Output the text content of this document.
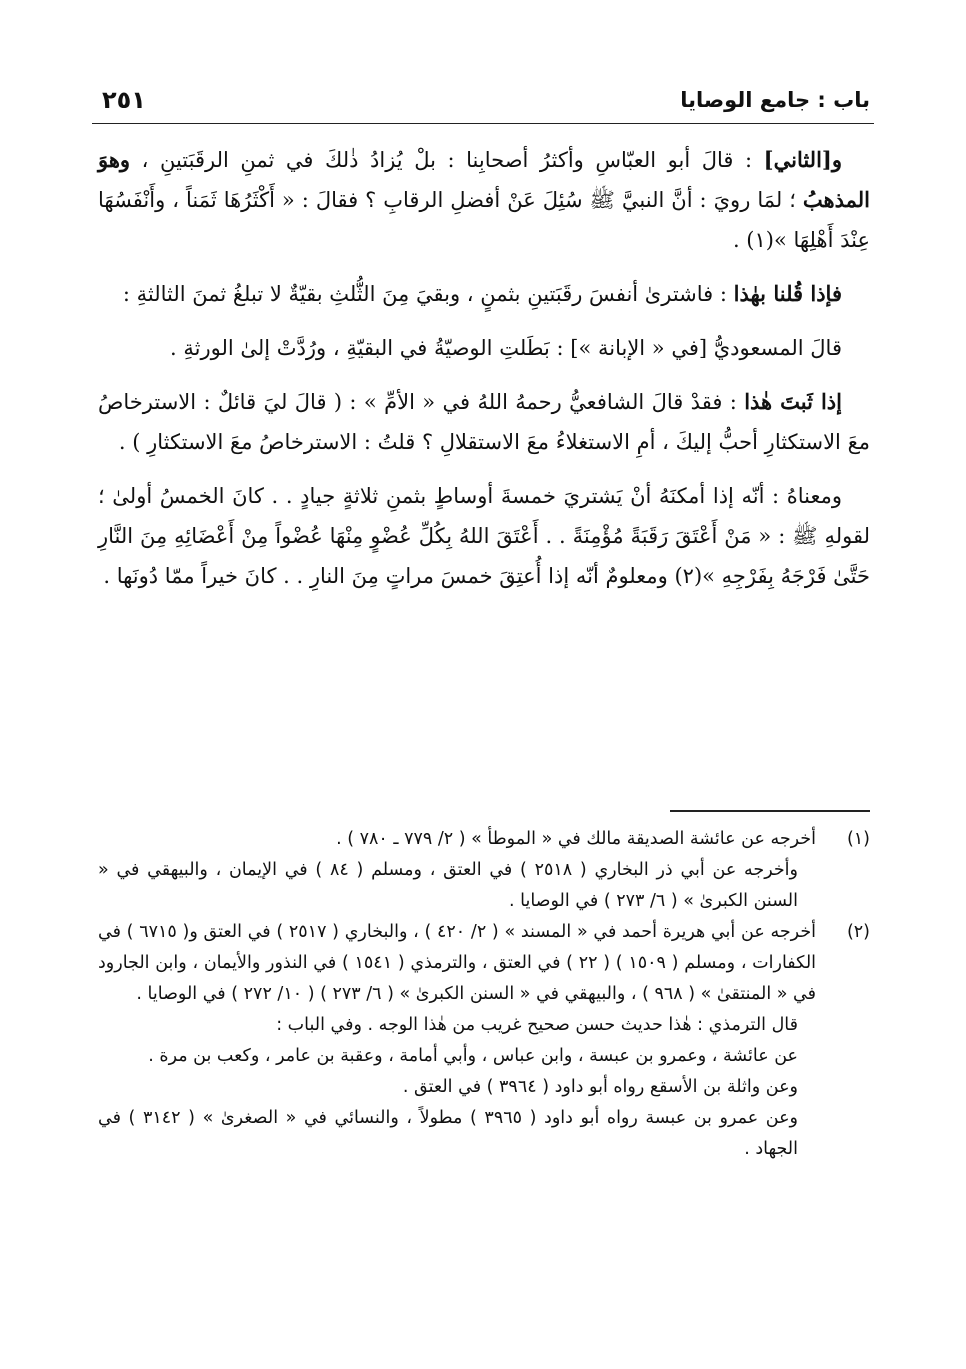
باب : جامع الوصايا
٢٥١

و[الثاني] : قالَ أبو العبّاسِ وأكثرُ أصحابِنا : بلْ يُزادُ ذٰلكَ في ثمنِ الرقَبَتينِ ، وهوَ المذهبُ ؛ لمَا رويَ : أنَّ النبيَّ ﷺ سُئِلَ عَنْ أفضلِ الرقابِ ؟ فقالَ : « أَكْثَرُهَا ثَمَناً ، وأَنْفَسُهَا عِنْدَ أَهْلِهَا »(١) .

فإذا قُلنا بهٰذا : فاشترىٰ أنفسَ رقَبَتينِ بثمنٍ ، وبقيَ مِنَ الثُّلثِ بقيّةٌ لا تبلغُ ثمنَ الثالثةِ :

قالَ المسعوديُّ [في « الإبانة »] : بَطَلتِ الوصيّةُ في البقيّةِ ، ورُدَّتْ إلىٰ الورثةِ .

إذا ثَبتَ هٰذا : فقدْ قالَ الشافعيُّ رحمهُ اللهُ في « الأمِّ » : ( قالَ ليَ قائلٌ : الاسترخاصُ معَ الاستكثارِ أحبُّ إليكَ ، أمِ الاستغلاءُ معَ الاستقلالِ ؟ قلتُ : الاسترخاصُ معَ الاستكثارِ ) .

ومعناهُ : أنّه إذا أمكنَهُ أنْ يَشتريَ خمسةَ أوساطٍ بثمنِ ثلاثةٍ جيادٍ . . كانَ الخمسُ أولىٰ ؛ لقولهِ ﷺ : « مَنْ أَعْتَقَ رَقَبَةً مُؤْمِنَةً . . أَعْتَقَ اللهُ بِكُلِّ عُضْوٍ مِنْهَا عُضْواً مِنْ أَعْضَائِهِ مِنَ النَّارِ حَتَّىٰ فَرْجَهُ بِفَرْجِهِ »(٢) ومعلومٌ أنّه إذا أُعتِقَ خمسَ مراتٍ مِنَ النارِ . . كانَ خيراً ممّا دُونَها .

(١)

أخرجه عن عائشة الصديقة مالك في « الموطأ » ( ٢/ ٧٧٩ ـ ٧٨٠ ) .

وأخرجه عن أبي ذر البخاري ( ٢٥١٨ ) في العتق ، ومسلم ( ٨٤ ) في الإيمان ، والبيهقي في « السنن الكبرىٰ » ( ٦/ ٢٧٣ ) في الوصايا .

(٢)

أخرجه عن أبي هريرة أحمد في « المسند » ( ٢/ ٤٢٠ ) ، والبخاري ( ٢٥١٧ ) في العتق و( ٦٧١٥ ) في الكفارات ، ومسلم ( ١٥٠٩ ) ( ٢٢ ) في العتق ، والترمذي ( ١٥٤١ ) في النذور والأيمان ، وابن الجارود في « المنتقىٰ » ( ٩٦٨ ) ، والبيهقي في « السنن الكبرىٰ » ( ٦/ ٢٧٣ ) ( ١٠/ ٢٧٢ ) في الوصايا .

قال الترمذي : هٰذا حديث حسن صحيح غريب من هٰذا الوجه . وفي الباب :

عن عائشة ، وعمرو بن عبسة ، وابن عباس ، وأبي أمامة ، وعقبة بن عامر ، وكعب بن مرة .

وعن واثلة بن الأسقع رواه أبو داود ( ٣٩٦٤ ) في العتق .

وعن عمرو بن عبسة رواه أبو داود ( ٣٩٦٥ ) مطولاً ، والنسائي في « الصغرىٰ » ( ٣١٤٢ ) في الجهاد .
